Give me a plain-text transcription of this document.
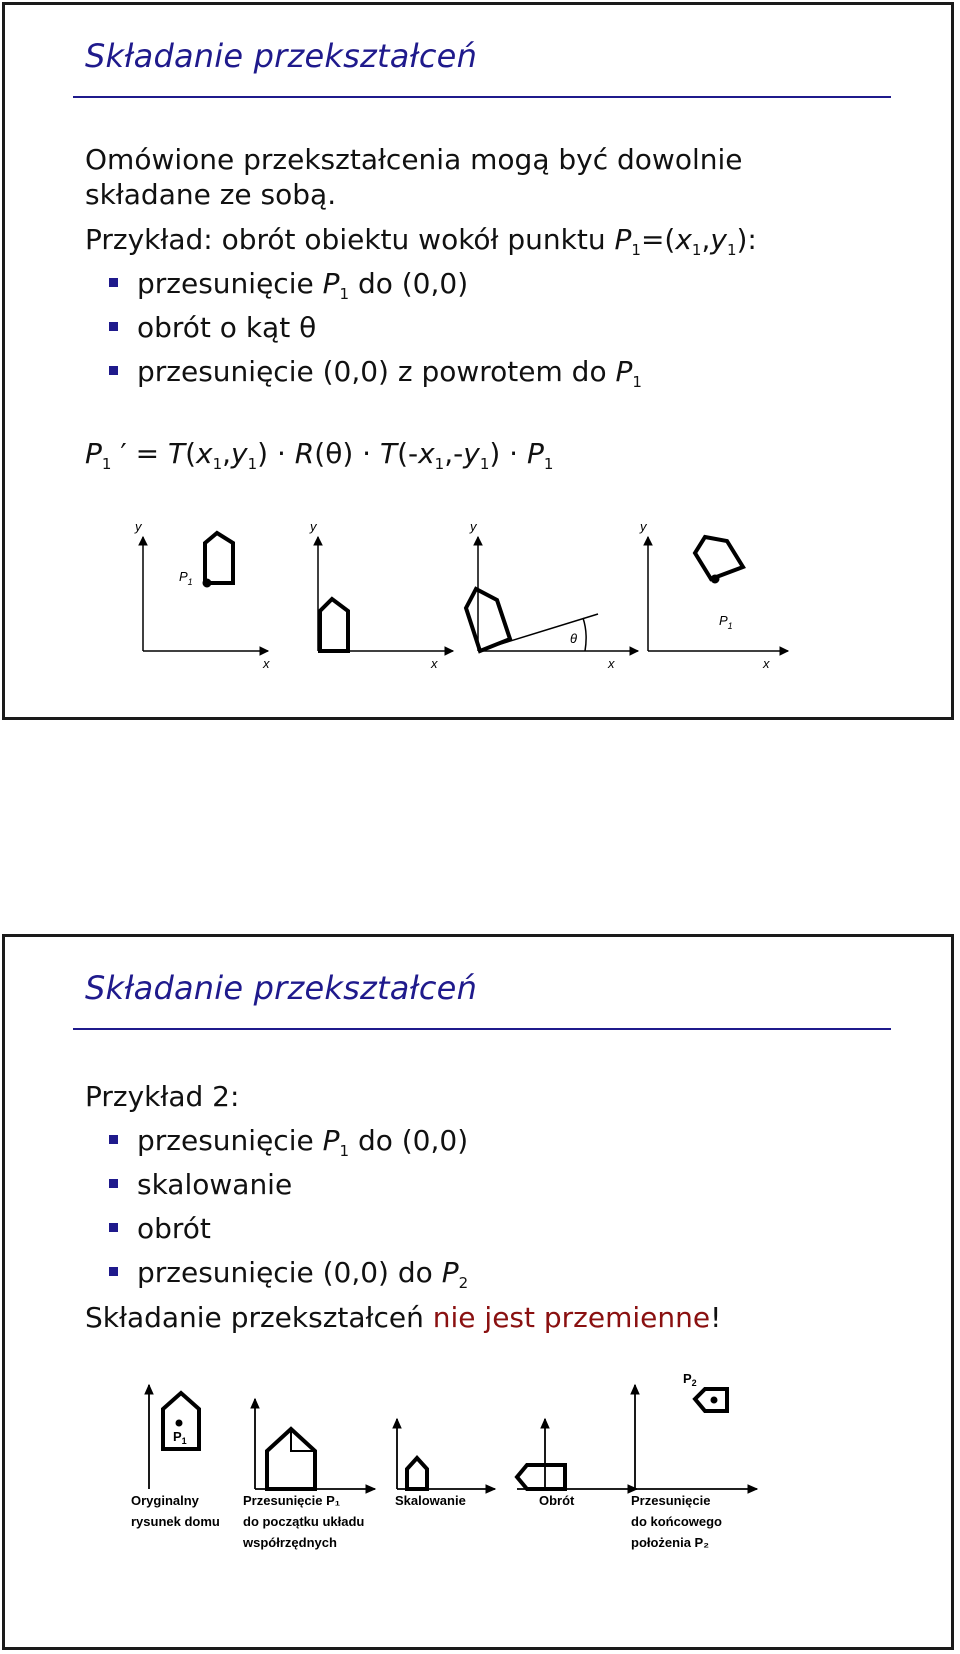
Składanie przekształceń
Omówione przekształcenia mogą być dowolnie
składane ze sobą.
Przykład: obrót obiektu wokół punktu $P_1=(x_1,y_1)$:
przesunięcie $P_1$ do (0,0)
obrót o kąt θ
przesunięcie (0,0) z powrotem do $P_1$
$P_1$ ′ = $T(x_1,y_1) \cdot R(\theta) \cdot T(-x_1,-y_1) \cdot P_1$
y
x
$P_1$
y
x
y
x
θ
y
x
$P_1$
Składanie przekształceń
Przykład 2:
przesunięcie $P_1$ do (0,0)
skalowanie
obrót
przesunięcie (0,0) do $P_2$
Składanie przekształceń nie jest przemienne!
$P_1$
$P_2$
Oryginalny
rysunek domu
Przesunięcie P₁
do początku układu
współrzędnych
Skalowanie	Obrót	Przesunięcie
do końcowego
położenia P₂
